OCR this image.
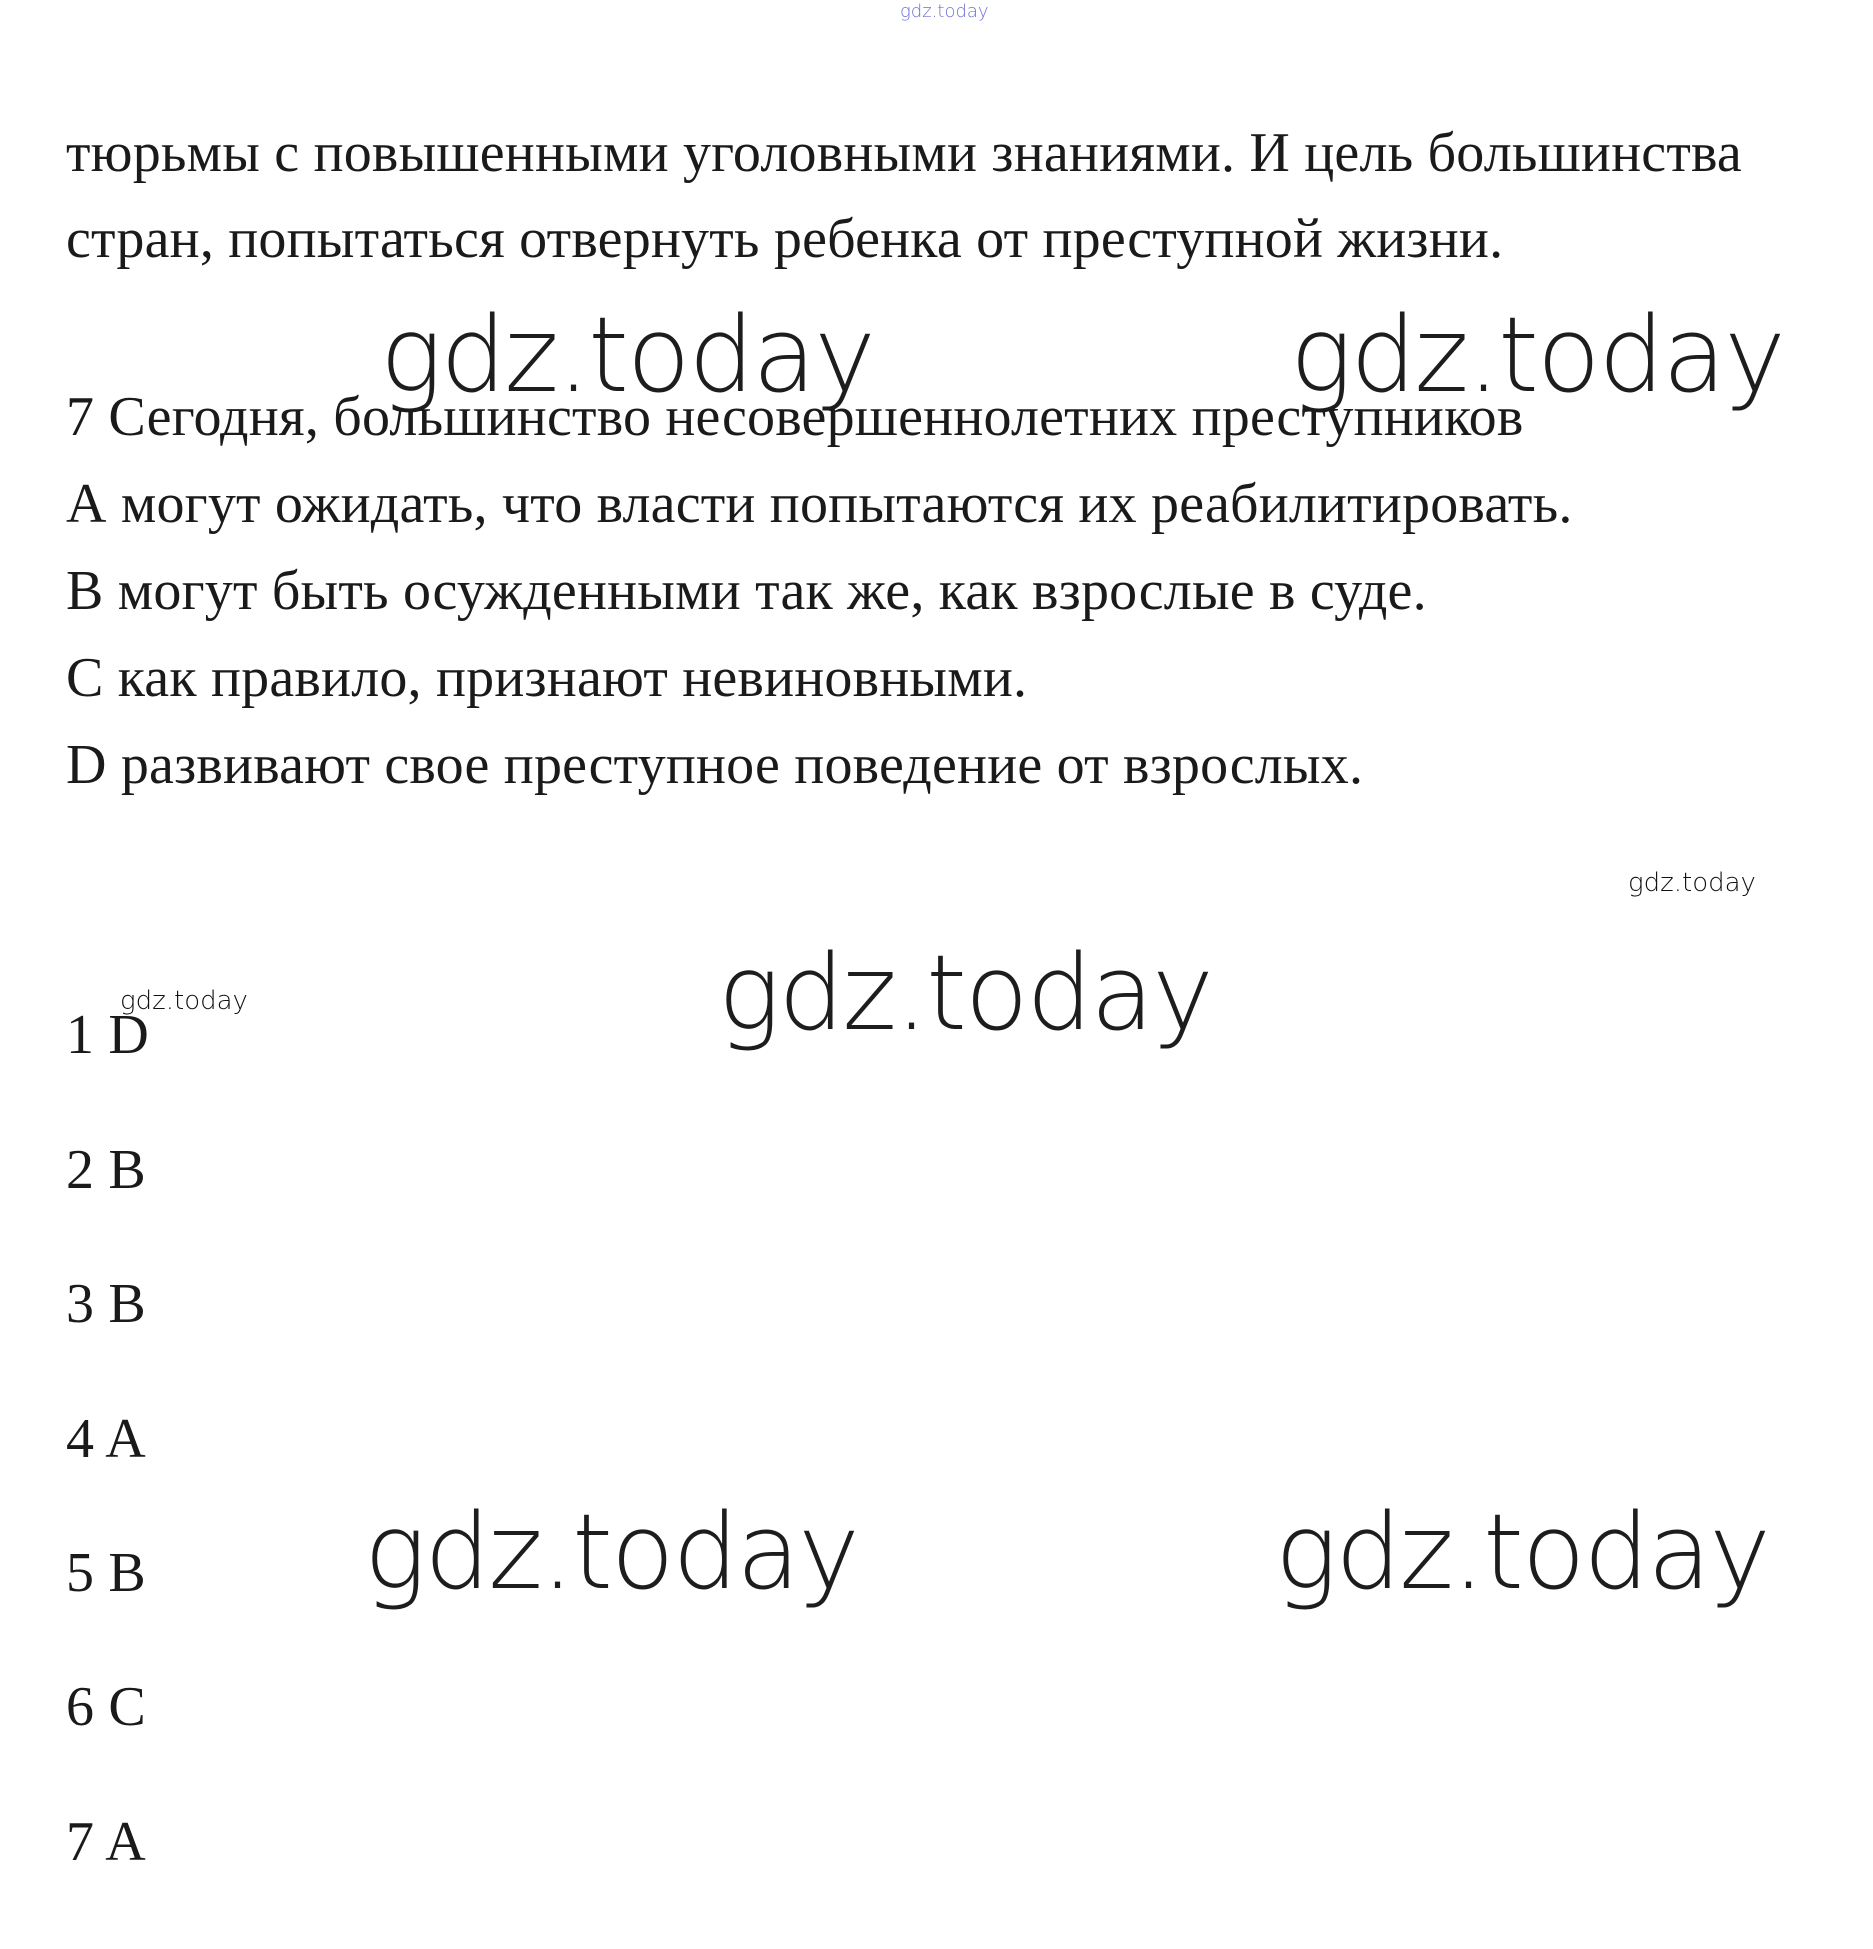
gdz.today
тюрьмы с повышенными уголовными знаниями. И цель большинства
стран, попытаться отвернуть ребенка от преступной жизни.
gdz.today	gdz.today
7 Сегодня, большинство несовершеннолетних преступников
А могут ожидать, что власти попытаются их реабилитировать.
В могут быть осужденными так же, как взрослые в суде.
С как правило, признают невиновными.
D развивают свое преступное поведение от взрослых.
gdz.today
gdz.today	gdz.today
1 D
2 B
3 B
4 A
5 B
6 C
7 A
gdz.today	gdz.today
